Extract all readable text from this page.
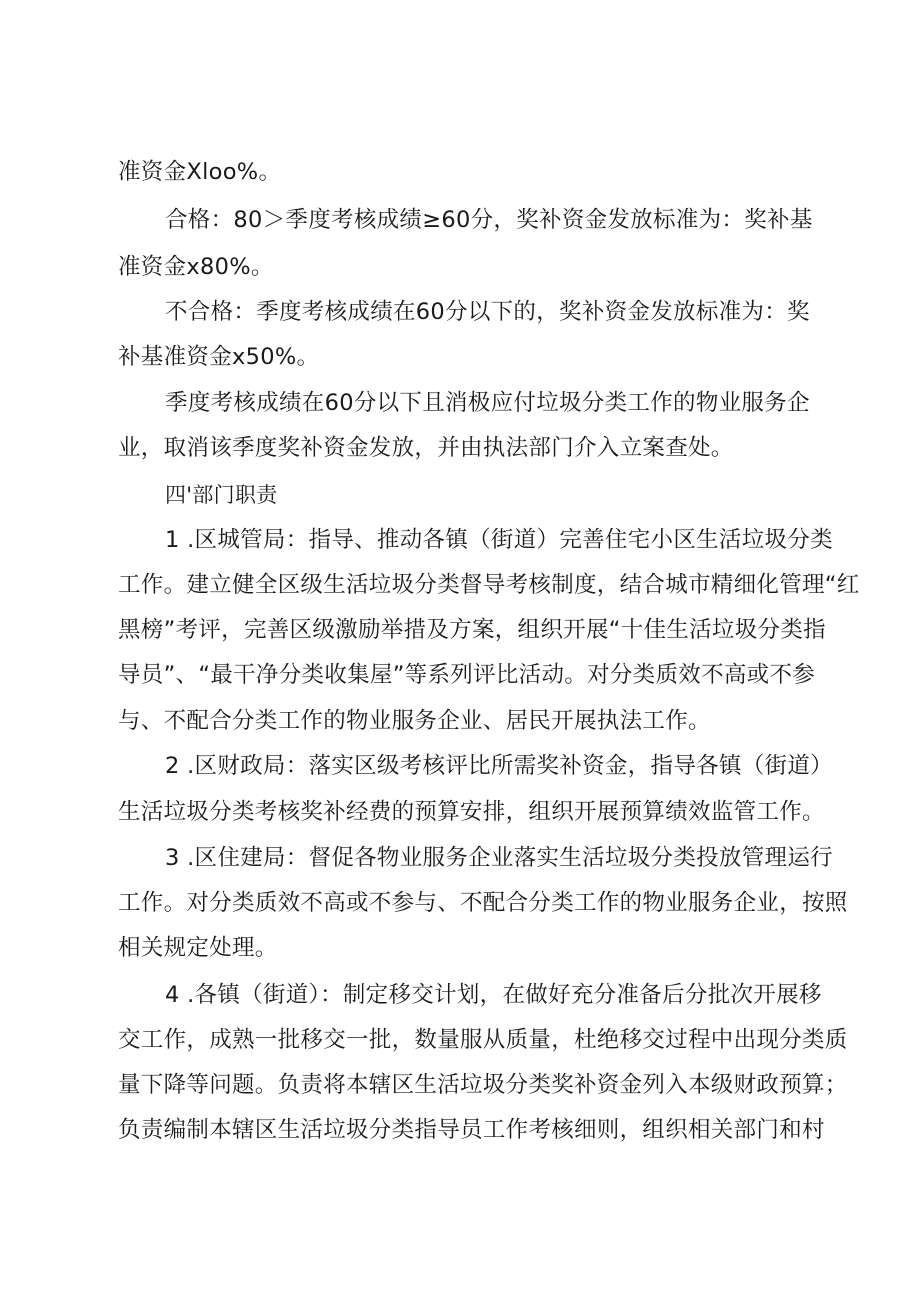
准资金Xloo%。
合格：80＞季度考核成绩≥60分，奖补资金发放标准为：奖补基
准资金x80%。
不合格：季度考核成绩在60分以下的，奖补资金发放标准为：奖
补基准资金x50%。
季度考核成绩在60分以下且消极应付垃圾分类工作的物业服务企
业，取消该季度奖补资金发放，并由执法部门介入立案查处。
四'部门职责
1 .区城管局：指导、推动各镇（街道）完善住宅小区生活垃圾分类
工作。建立健全区级生活垃圾分类督导考核制度，结合城市精细化管理“红
黑榜”考评，完善区级激励举措及方案，组织开展“十佳生活垃圾分类指
导员”、“最干净分类收集屋”等系列评比活动。对分类质效不高或不参
与、不配合分类工作的物业服务企业、居民开展执法工作。
2 .区财政局：落实区级考核评比所需奖补资金，指导各镇（街道）
生活垃圾分类考核奖补经费的预算安排，组织开展预算绩效监管工作。
3 .区住建局：督促各物业服务企业落实生活垃圾分类投放管理运行
工作。对分类质效不高或不参与、不配合分类工作的物业服务企业，按照
相关规定处理。
4 .各镇（街道）：制定移交计划，在做好充分准备后分批次开展移
交工作，成熟一批移交一批，数量服从质量，杜绝移交过程中出现分类质
量下降等问题。负责将本辖区生活垃圾分类奖补资金列入本级财政预算；
负责编制本辖区生活垃圾分类指导员工作考核细则，组织相关部门和村
